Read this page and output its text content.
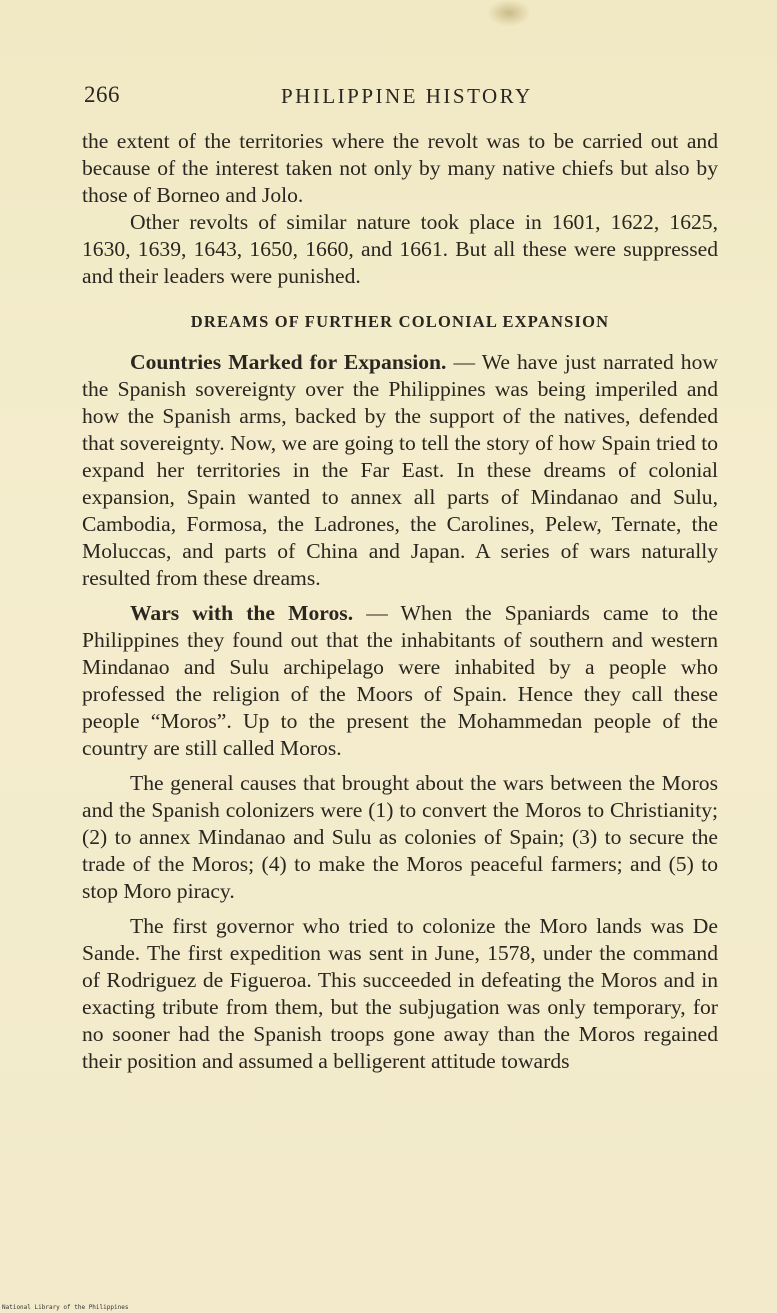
266	PHILIPPINE HISTORY

the extent of the territories where the revolt was to be carried out and because of the interest taken not only by many native chiefs but also by those of Borneo and Jolo.

Other revolts of similar nature took place in 1601, 1622, 1625, 1630, 1639, 1643, 1650, 1660, and 1661. But all these were suppressed and their leaders were punished.

DREAMS OF FURTHER COLONIAL EXPANSION

Countries Marked for Expansion. — We have just narrated how the Spanish sovereignty over the Philippines was being imperiled and how the Spanish arms, backed by the support of the natives, defended that sovereignty. Now, we are going to tell the story of how Spain tried to expand her territories in the Far East. In these dreams of colonial expansion, Spain wanted to annex all parts of Mindanao and Sulu, Cambodia, Formosa, the Ladrones, the Carolines, Pelew, Ternate, the Moluccas, and parts of China and Japan. A series of wars naturally resulted from these dreams.

Wars with the Moros. — When the Spaniards came to the Philippines they found out that the inhabitants of southern and western Mindanao and Sulu archipelago were inhabited by a people who professed the religion of the Moors of Spain. Hence they call these people “Moros”. Up to the present the Mohammedan people of the country are still called Moros.

The general causes that brought about the wars between the Moros and the Spanish colonizers were (1) to convert the Moros to Christianity; (2) to annex Mindanao and Sulu as colonies of Spain; (3) to secure the trade of the Moros; (4) to make the Moros peaceful farmers; and (5) to stop Moro piracy.

The first governor who tried to colonize the Moro lands was De Sande. The first expedition was sent in June, 1578, under the command of Rodriguez de Figueroa. This succeeded in defeating the Moros and in exacting tribute from them, but the subjugation was only temporary, for no sooner had the Spanish troops gone away than the Moros regained their position and assumed a belligerent attitude towards

National Library of the Philippines
